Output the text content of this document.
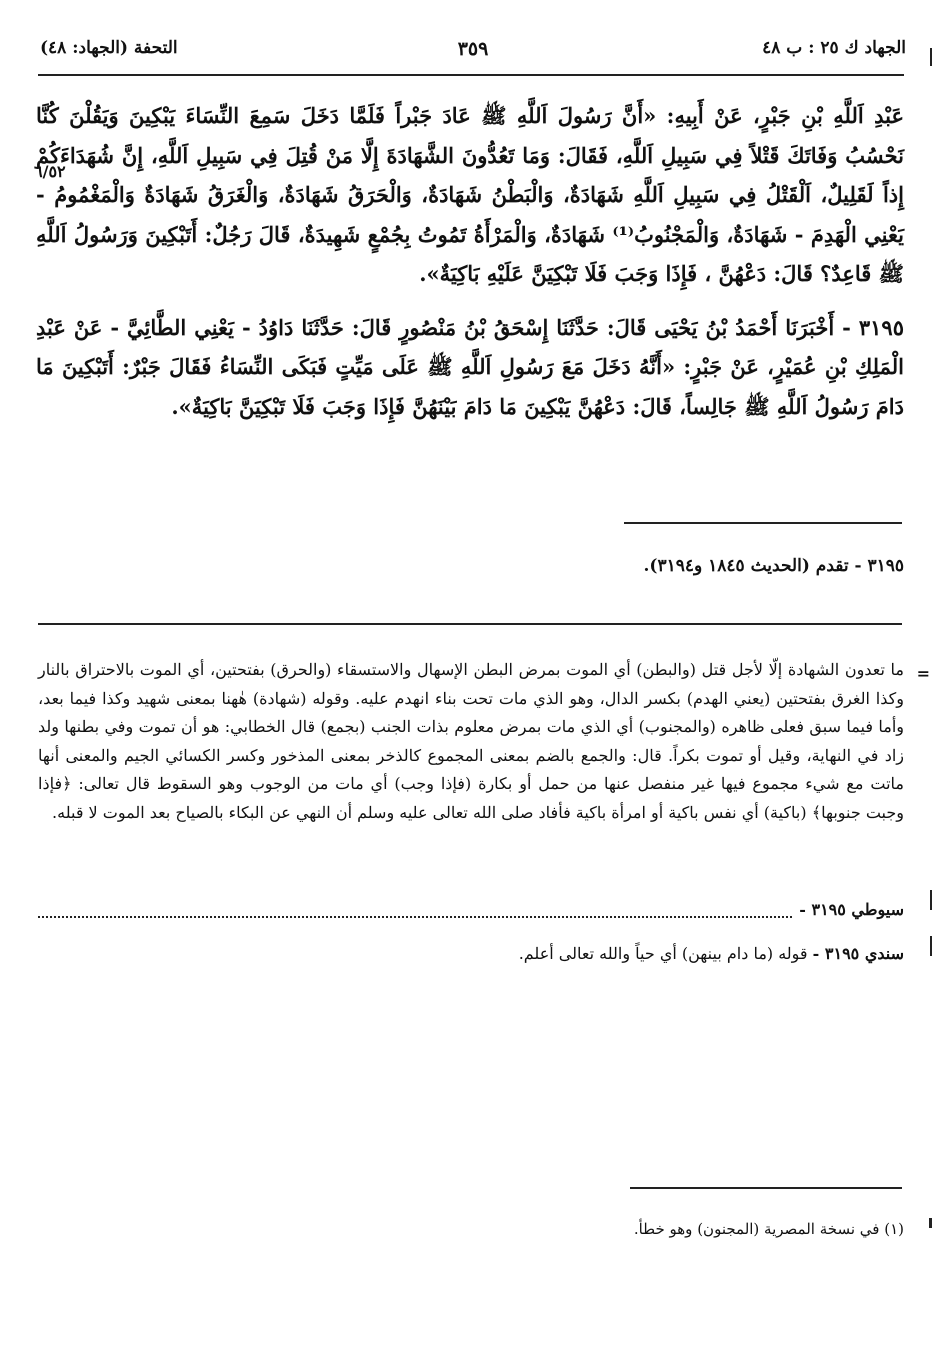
الجهاد ك ٢٥ : ب ٤٨
٣٥٩
التحفة (الجهاد: ٤٨)
٦/٥٢

عَبْدِ اَللَّهِ بْنِ جَبْرٍ، عَنْ أَبِيهِ: «أَنَّ رَسُولَ اَللَّهِ ﷺ عَادَ جَبْراً فَلَمَّا دَخَلَ سَمِعَ النِّسَاءَ يَبْكِينَ وَيَقُلْنَ كُنَّا نَحْسُبُ وَفَاتَكَ قَتْلاً فِي سَبِيلِ اَللَّهِ، فَقَالَ: وَمَا تَعُدُّونَ الشَّهَادَةَ إِلَّا مَنْ قُتِلَ فِي سَبِيلِ اَللَّهِ، إِنَّ شُهَدَاءَكُمْ إِذاً لَقَلِيلٌ، اَلْقَتْلُ فِي سَبِيلِ اَللَّهِ شَهَادَةٌ، وَالْبَطْنُ شَهَادَةٌ، وَالْحَرَقُ شَهَادَةٌ، وَالْغَرَقُ شَهَادَةٌ وَالْمَغْمُومُ - يَعْنِي الْهَدِمَ - شَهَادَةٌ، وَالْمَجْنُوبُ⁽¹⁾ شَهَادَةٌ، وَالْمَرْأَةُ تَمُوتُ بِجُمْعٍ شَهِيدَةٌ، قَالَ رَجُلٌ: أَتَبْكِينَ وَرَسُولُ اَللَّهِ ﷺ قَاعِدٌ؟ قَالَ: دَعْهُنَّ ، فَإِذَا وَجَبَ فَلَا تَبْكِيَنَّ عَلَيْهِ بَاكِيَةٌ».

٣١٩٥ - أَخْبَرَنَا أَحْمَدُ بْنُ يَحْيَى قَالَ: حَدَّثَنَا إِسْحَقُ بْنُ مَنْصُورٍ قَالَ: حَدَّثَنَا دَاوُدُ - يَعْنِي الطَّائِيَّ - عَنْ عَبْدِ الْمَلِكِ بْنِ عُمَيْرٍ، عَنْ جَبْرٍ: «أَنَّهُ دَخَلَ مَعَ رَسُولِ اَللَّهِ ﷺ عَلَى مَيِّتٍ فَبَكَى النِّسَاءُ فَقَالَ جَبْرٌ: أَتَبْكِينَ مَا دَامَ رَسُولُ اَللَّهِ ﷺ جَالِساً، قَالَ: دَعْهُنَّ يَبْكِينَ مَا دَامَ بَيْنَهُنَّ فَإِذَا وَجَبَ فَلَا تَبْكِيَنَّ بَاكِيَةٌ».

٣١٩٥ - تقدم (الحديث ١٨٤٥ و٣١٩٤).
=

ما تعدون الشهادة إلّا لأجل قتل (والبطن) أي الموت بمرض البطن الإسهال والاستسقاء (والحرق) بفتحتين، أي الموت بالاحتراق بالنار وكذا الغرق بفتحتين (يعني الهدم) بكسر الدال، وهو الذي مات تحت بناء انهدم عليه. وقوله (شهادة) هٰهنا بمعنى شهيد وكذا فيما بعد، وأما فيما سبق فعلى ظاهره (والمجنوب) أي الذي مات بمرض معلوم بذات الجنب (بجمع) قال الخطابي: هو أن تموت وفي بطنها ولد زاد في النهاية، وقيل أو تموت بكراً. قال: والجمع بالضم بمعنى المجموع كالذخر بمعنى المذخور وكسر الكسائي الجيم والمعنى أنها ماتت مع شيء مجموع فيها غير منفصل عنها من حمل أو بكارة (فإذا وجب) أي مات من الوجوب وهو السقوط قال تعالى: ﴿فإذا وجبت جنوبها﴾ (باكية) أي نفس باكية أو امرأة باكية فأفاد صلى الله تعالى عليه وسلم أن النهي عن البكاء بالصياح بعد الموت لا قبله.

سيوطي ٣١٩٥ -
سندي ٣١٩٥ - قوله (ما دام بينهن) أي حياً والله تعالى أعلم.
(١) في نسخة المصرية (المجنون) وهو خطأ.
